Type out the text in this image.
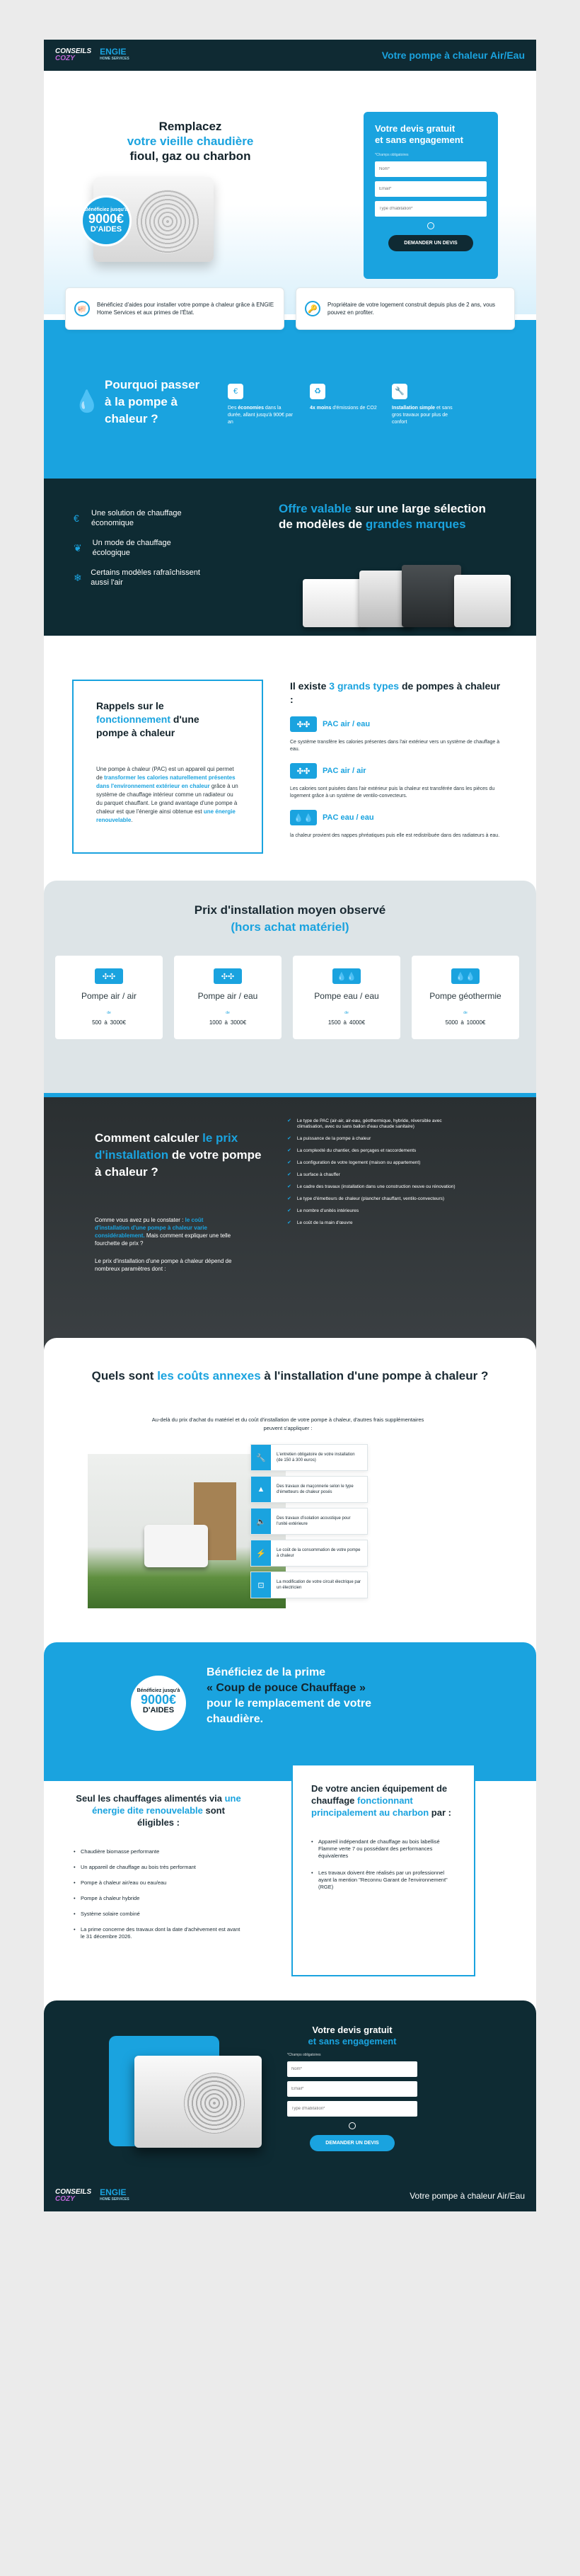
CONSEILS
COZY
ENGIE
HOME SERVICES	Votre pompe à chaleur Air/Eau
Remplacez
votre vieille chaudière
fioul, gaz ou charbon
Bénéficiez jusqu'à
9000€
D'AIDES
Votre devis gratuit
et sans engagement
*Champs obligatoires
Nom*
Email*
Type d'habitation*
DEMANDER UN DEVIS
🐖	Bénéficiez d'aides pour installer votre pompe à chaleur grâce à ENGIE Home Services et aux primes de l'État.	🔑	Propriétaire de votre logement construit depuis plus de 2 ans, vous pouvez en profiter.

💧
Pourquoi passer
à la pompe à chaleur ?
€
Des économies dans la durée, allant jusqu'à 900€ par an
♻
4x moins d'émissions de CO2
🔧
Installation simple et sans gros travaux pour plus de confort
€	Une solution de chauffage économique
❦ Un mode de chauffage écologique
❄ Certains modèles rafraîchissent aussi l'air
Offre valable sur une large sélection de modèles de grandes marques
Rappels sur le fonctionnement d'une pompe à chaleur

Une pompe à chaleur (PAC) est un appareil qui permet de transformer les calories naturellement présentes dans l'environnement extérieur en chaleur grâce à un système de chauffage intérieur comme un radiateur ou du parquet chauffant. Le grand avantage d'une pompe à chaleur est que l'énergie ainsi obtenue est une énergie renouvelable.

Il existe 3 grands types de pompes à chaleur :
✣✣	PAC air / eau

Ce système transfère les calories présentes dans l'air extérieur vers un système de chauffage à eau.

✣✣	PAC air / air

Les calories sont puisées dans l'air extérieur puis la chaleur est transférée dans les pièces du logement grâce à un système de ventilo-convecteurs.

💧💧	PAC eau / eau

la chaleur provient des nappes phréatiques puis elle est redistribuée dans des radiateurs à eau.

Prix d'installation moyen observé
(hors achat matériel)
✣✣
Pompe air / air
de
500 à 3000€
✣✣
Pompe air / eau
de
1000 à 3000€
💧💧
Pompe eau / eau
de
1500 à 4000€
💧💧
Pompe géothermie
de
5000 à 10000€
Comment calculer le prix d'installation de votre pompe à chaleur ?

Comme vous avez pu le constater : le coût d'installation d'une pompe à chaleur varie considérablement. Mais comment expliquer une telle fourchette de prix ?

Le prix d'installation d'une pompe à chaleur dépend de nombreux paramètres dont :

✔ Le type de PAC (air-air, air-eau, géothermique, hybride, réversible avec climatisation, avec ou sans ballon d'eau chaude sanitaire)
✔ La puissance de la pompe à chaleur
✔ La complexité du chantier, des perçages et raccordements
✔ La configuration de votre logement (maison ou appartement)
✔ La surface à chauffer
✔ Le cadre des travaux (installation dans une construction neuve ou rénovation)
✔ Le type d'émetteurs de chaleur (plancher chauffant, ventilo-convecteurs)
✔ Le nombre d'unités intérieures
✔ Le coût de la main d'œuvre
Quels sont les coûts annexes à l'installation d'une pompe à chaleur ?

Au-delà du prix d'achat du matériel et du coût d'installation de votre pompe à chaleur, d'autres frais supplémentaires peuvent s'appliquer :

🔧	L'entretien obligatoire de votre installation (de 150 à 300 euros)
▲	Des travaux de maçonnerie selon le type d'émetteurs de chaleur posés
🔈	Des travaux d'isolation acoustique pour l'unité extérieure
⚡	Le coût de la consommation de votre pompe à chaleur
⊡	La modification de votre circuit électrique par un électricien
Bénéficiez jusqu'à
9000€
D'AIDES
Bénéficiez de la prime
« Coup de pouce Chauffage »
pour le remplacement de votre chaudière.
Seul les chauffages alimentés via une énergie dite renouvelable sont éligibles :
• Chaudière biomasse performante
• Un appareil de chauffage au bois très performant
• Pompe à chaleur air/eau ou eau/eau
• Pompe à chaleur hybride
• Système solaire combiné
• La prime concerne des travaux dont la date d'achèvement est avant le 31 décembre 2026.
De votre ancien équipement de chauffage fonctionnant principalement au charbon par :
• Appareil indépendant de chauffage au bois labellisé Flamme verte 7 ou possédant des performances équivalentes
• Les travaux doivent être réalisés par un professionnel ayant la mention "Reconnu Garant de l'environnement" (RGE)
Votre devis gratuit
et sans engagement
*Champs obligatoires
Nom*
Email*
Type d'habitation*
DEMANDER UN DEVIS
CONSEILS
COZY
ENGIE
HOME SERVICES	Votre pompe à chaleur Air/Eau
